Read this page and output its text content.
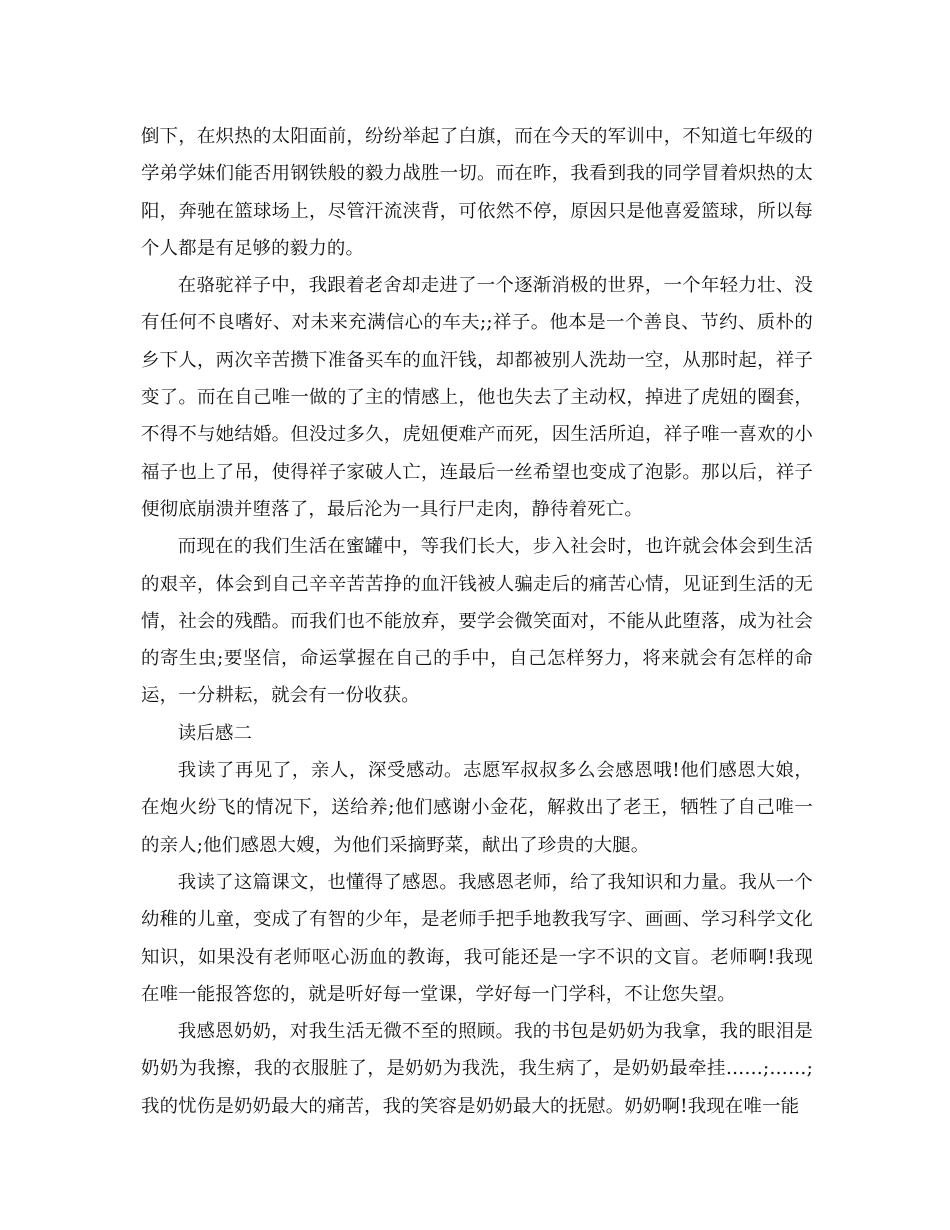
倒下，在炽热的太阳面前，纷纷举起了白旗，而在今天的军训中，不知道七年级的学弟学妹们能否用钢铁般的毅力战胜一切。而在昨，我看到我的同学冒着炽热的太阳，奔驰在篮球场上，尽管汗流浃背，可依然不停，原因只是他喜爱篮球，所以每个人都是有足够的毅力的。

在骆驼祥子中，我跟着老舍却走进了一个逐渐消极的世界，一个年轻力壮、没有任何不良嗜好、对未来充满信心的车夫;;祥子。他本是一个善良、节约、质朴的乡下人，两次辛苦攒下准备买车的血汗钱，却都被别人洗劫一空，从那时起，祥子变了。而在自己唯一做的了主的情感上，他也失去了主动权，掉进了虎妞的圈套，不得不与她结婚。但没过多久，虎妞便难产而死，因生活所迫，祥子唯一喜欢的小福子也上了吊，使得祥子家破人亡，连最后一丝希望也变成了泡影。那以后，祥子便彻底崩溃并堕落了，最后沦为一具行尸走肉，静待着死亡。

而现在的我们生活在蜜罐中，等我们长大，步入社会时，也许就会体会到生活的艰辛，体会到自己辛辛苦苦挣的血汗钱被人骗走后的痛苦心情，见证到生活的无情，社会的残酷。而我们也不能放弃，要学会微笑面对，不能从此堕落，成为社会的寄生虫;要坚信，命运掌握在自己的手中，自己怎样努力，将来就会有怎样的命运，一分耕耘，就会有一份收获。

读后感二

我读了再见了，亲人，深受感动。志愿军叔叔多么会感恩哦!他们感恩大娘，在炮火纷飞的情况下，送给养;他们感谢小金花，解救出了老王，牺牲了自己唯一的亲人;他们感恩大嫂，为他们采摘野菜，献出了珍贵的大腿。

我读了这篇课文，也懂得了感恩。我感恩老师，给了我知识和力量。我从一个幼稚的儿童，变成了有智的少年，是老师手把手地教我写字、画画、学习科学文化知识，如果没有老师呕心沥血的教诲，我可能还是一字不识的文盲。老师啊!我现在唯一能报答您的，就是听好每一堂课，学好每一门学科，不让您失望。

我感恩奶奶，对我生活无微不至的照顾。我的书包是奶奶为我拿，我的眼泪是奶奶为我擦，我的衣服脏了，是奶奶为我洗，我生病了，是奶奶最牵挂……;……;我的忧伤是奶奶最大的痛苦，我的笑容是奶奶最大的抚慰。奶奶啊!我现在唯一能
